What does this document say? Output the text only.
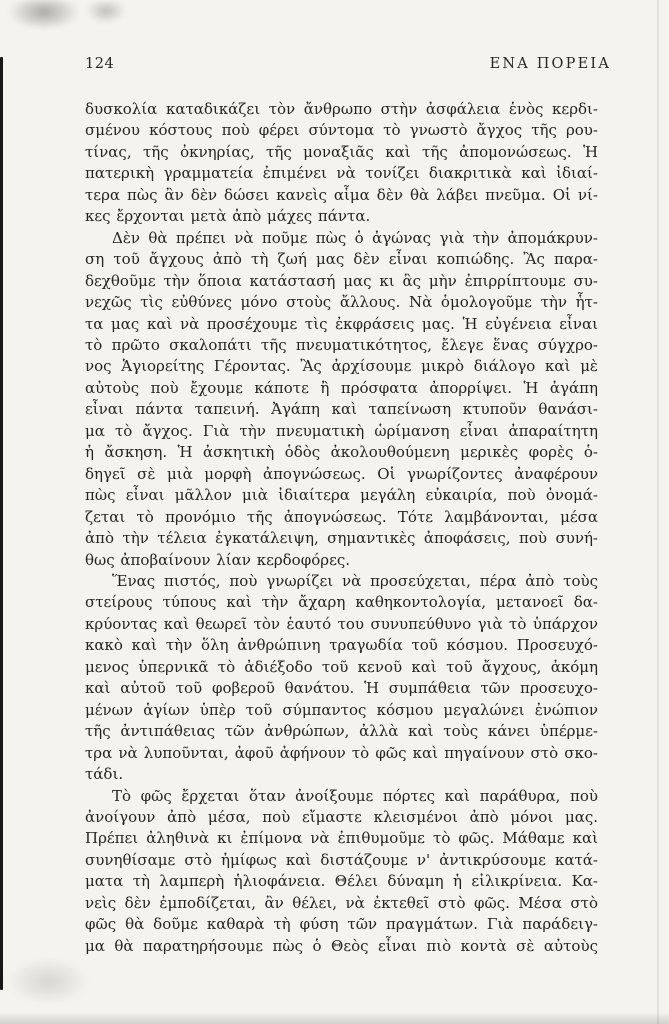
124	ΕΝΑ ΠΟΡΕΙΑ
δυσκολία καταδικάζει τὸν ἄνθρωπο στὴν ἀσφάλεια ἑνὸς κερδι-
σμένου κόστους ποὺ φέρει σύντομα τὸ γνωστὸ ἄγχος τῆς ρου-
τίνας, τῆς ὀκνηρίας, τῆς μοναξιᾶς καὶ τῆς ἀπομονώσεως. Ἡ
πατερικὴ γραμματεία ἐπιμένει νὰ τονίζει διακριτικὰ καὶ ἰδιαί-
τερα πὼς ἂν δὲν δώσει κανεὶς αἷμα δὲν θὰ λάβει πνεῦμα. Οἱ νί-
κες ἔρχονται μετὰ ἀπὸ μάχες πάντα.
Δὲν θὰ πρέπει νὰ ποῦμε πὼς ὁ ἀγώνας γιὰ τὴν ἀπομάκρυν-
ση τοῦ ἄγχους ἀπὸ τὴ ζωή μας δὲν εἶναι κοπιώδης. Ἂς παρα-
δεχθοῦμε τὴν ὅποια κατάστασή μας κι ἂς μὴν ἐπιρρίπτουμε συ-
νεχῶς τὶς εὐθύνες μόνο στοὺς ἄλλους. Νὰ ὁμολογοῦμε τὴν ἧτ-
τα μας καὶ νὰ προσέχουμε τὶς ἐκφράσεις μας. Ἡ εὐγένεια εἶναι
τὸ πρῶτο σκαλοπάτι τῆς πνευματικότητος, ἔλεγε ἕνας σύγχρο-
νος Ἁγιορείτης Γέροντας. Ἂς ἀρχίσουμε μικρὸ διάλογο καὶ μὲ
αὐτοὺς ποὺ ἔχουμε κάποτε ἢ πρόσφατα ἀπορρίψει. Ἡ ἀγάπη
εἶναι πάντα ταπεινή. Ἀγάπη καὶ ταπείνωση κτυποῦν θανάσι-
μα τὸ ἄγχος. Γιὰ τὴν πνευματικὴ ὡρίμανση εἶναι ἀπαραίτητη
ἡ ἄσκηση. Ἡ ἀσκητικὴ ὁδὸς ἀκολουθούμενη μερικὲς φορὲς ὁ-
δηγεῖ σὲ μιὰ μορφὴ ἀπογνώσεως. Οἱ γνωρίζοντες ἀναφέρουν
πὼς εἶναι μᾶλλον μιὰ ἰδιαίτερα μεγάλη εὐκαιρία, ποὺ ὀνομά-
ζεται τὸ προνόμιο τῆς ἀπογνώσεως. Τότε λαμβάνονται, μέσα
ἀπὸ τὴν τέλεια ἐγκατάλειψη, σημαντικὲς ἀποφάσεις, ποὺ συνή-
θως ἀποβαίνουν λίαν κερδοφόρες.
Ἕνας πιστός, ποὺ γνωρίζει νὰ προσεύχεται, πέρα ἀπὸ τοὺς
στείρους τύπους καὶ τὴν ἄχαρη καθηκοντολογία, μετανοεῖ δα-
κρύοντας καὶ θεωρεῖ τὸν ἑαυτό του συνυπεύθυνο γιὰ τὸ ὑπάρχον
κακὸ καὶ τὴν ὅλη ἀνθρώπινη τραγωδία τοῦ κόσμου. Προσευχό-
μενος ὑπερνικᾶ τὸ ἀδιέξοδο τοῦ κενοῦ καὶ τοῦ ἄγχους, ἀκόμη
καὶ αὐτοῦ τοῦ φοβεροῦ θανάτου. Ἡ συμπάθεια τῶν προσευχο-
μένων ἁγίων ὑπὲρ τοῦ σύμπαντος κόσμου μεγαλώνει ἐνώπιον
τῆς ἀντιπάθειας τῶν ἀνθρώπων, ἀλλὰ καὶ τοὺς κάνει ὑπέρμε-
τρα νὰ λυποῦνται, ἀφοῦ ἀφήνουν τὸ φῶς καὶ πηγαίνουν στὸ σκο-
τάδι.
Τὸ φῶς ἔρχεται ὅταν ἀνοίξουμε πόρτες καὶ παράθυρα, ποὺ
ἀνοίγουν ἀπὸ μέσα, ποὺ εἴμαστε κλεισμένοι ἀπὸ μόνοι μας.
Πρέπει ἀληθινὰ κι ἐπίμονα νὰ ἐπιθυμοῦμε τὸ φῶς. Μάθαμε καὶ
συνηθίσαμε στὸ ἡμίφως καὶ διστάζουμε ν' ἀντικρύσουμε κατά-
ματα τὴ λαμπερὴ ἡλιοφάνεια. Θέλει δύναμη ἡ εἰλικρίνεια. Κα-
νεὶς δὲν ἐμποδίζεται, ἂν θέλει, νὰ ἐκτεθεῖ στὸ φῶς. Μέσα στὸ
φῶς θὰ δοῦμε καθαρὰ τὴ φύση τῶν πραγμάτων. Γιὰ παράδειγ-
μα θὰ παρατηρήσουμε πὼς ὁ Θεὸς εἶναι πιὸ κοντὰ σὲ αὐτοὺς
